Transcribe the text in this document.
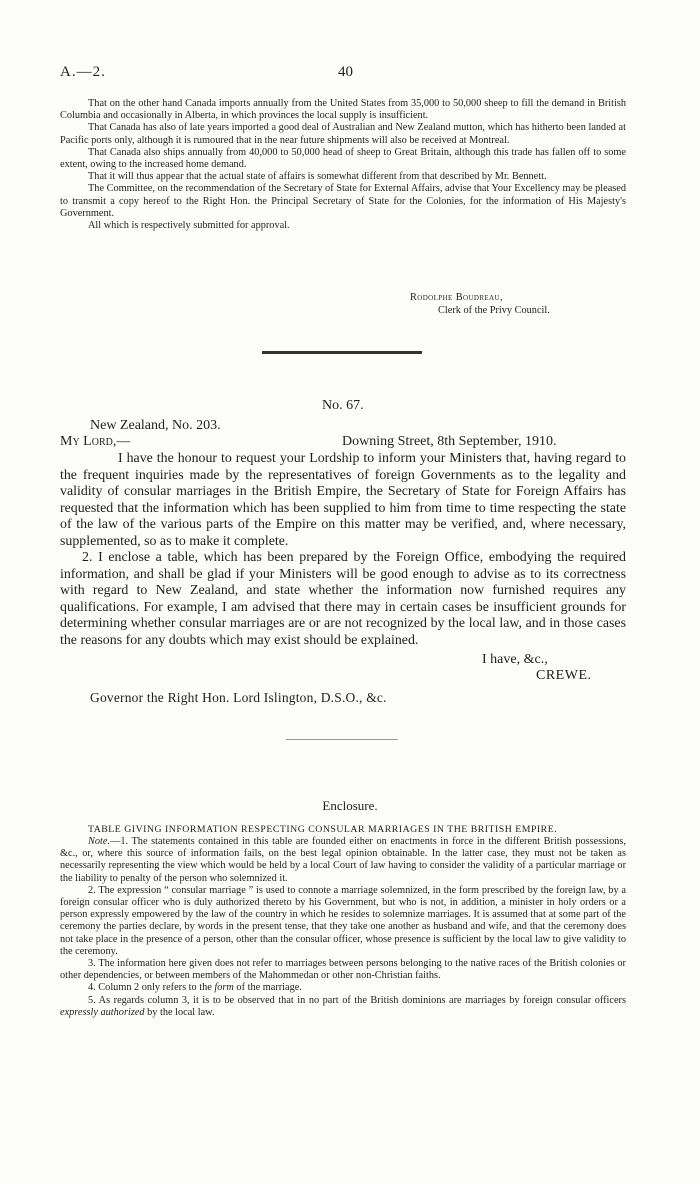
A.—2.	40

That on the other hand Canada imports annually from the United States from 35,000 to 50,000 sheep to fill the demand in British Columbia and occasionally in Alberta, in which provinces the local supply is insufficient.

That Canada has also of late years imported a good deal of Australian and New Zealand mutton, which has hitherto been landed at Pacific ports only, although it is rumoured that in the near future shipments will also be received at Montreal.

That Canada also ships annually from 40,000 to 50,000 head of sheep to Great Britain, although this trade has fallen off to some extent, owing to the increased home demand.

That it will thus appear that the actual state of affairs is somewhat different from that described by Mr. Bennett.

The Committee, on the recommendation of the Secretary of State for External Affairs, advise that Your Excellency may be pleased to transmit a copy hereof to the Right Hon. the Principal Secretary of State for the Colonies, for the information of His Majesty's Government.

All which is respectively submitted for approval.

Rodolphe Boudreau,
Clerk of the Privy Council.
No. 67.
New Zealand, No. 203.
My Lord,—	Downing Street, 8th September, 1910.

I have the honour to request your Lordship to inform your Ministers that, having regard to the frequent inquiries made by the representatives of foreign Governments as to the legality and validity of consular marriages in the British Empire, the Secretary of State for Foreign Affairs has requested that the information which has been supplied to him from time to time respecting the state of the law of the various parts of the Empire on this matter may be verified, and, where necessary, supplemented, so as to make it complete.

2. I enclose a table, which has been prepared by the Foreign Office, embodying the required information, and shall be glad if your Ministers will be good enough to advise as to its correctness with regard to New Zealand, and state whether the information now furnished requires any qualifications. For example, I am advised that there may in certain cases be insufficient grounds for determining whether consular marriages are or are not recognized by the local law, and in those cases the reasons for any doubts which may exist should be explained.

I have, &c.,
CREWE.
Governor the Right Hon. Lord Islington, D.S.O., &c.
Enclosure.
TABLE GIVING INFORMATION RESPECTING CONSULAR MARRIAGES IN THE BRITISH EMPIRE.

Note.—1. The statements contained in this table are founded either on enactments in force in the different British possessions, &c., or, where this source of information fails, on the best legal opinion obtainable. In the latter case, they must not be taken as necessarily representing the view which would be held by a local Court of law having to consider the validity of a particular marriage or the liability to penalty of the person who solemnized it.

2. The expression “ consular marriage ” is used to connote a marriage solemnized, in the form prescribed by the foreign law, by a foreign consular officer who is duly authorized thereto by his Government, but who is not, in addition, a minister in holy orders or a person expressly empowered by the law of the country in which he resides to solemnize marriages. It is assumed that at some part of the ceremony the parties declare, by words in the present tense, that they take one another as husband and wife, and that the ceremony does not take place in the presence of a person, other than the consular officer, whose presence is sufficient by the local law to give validity to the ceremony.

3. The information here given does not refer to marriages between persons belonging to the native races of the British colonies or other dependencies, or between members of the Mahommedan or other non-Christian faiths.

4. Column 2 only refers to the form of the marriage.

5. As regards column 3, it is to be observed that in no part of the British dominions are marriages by foreign consular officers expressly authorized by the local law.
